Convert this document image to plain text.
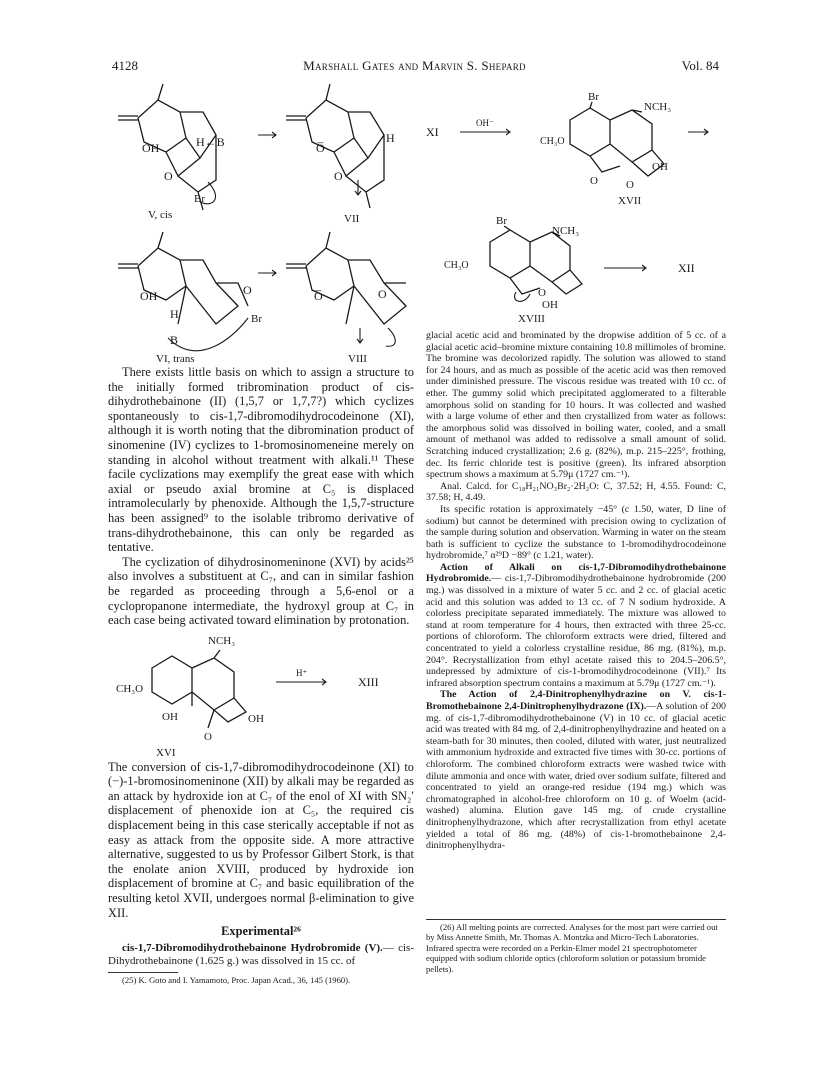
4128	Marshall Gates and Marvin S. Shepard	Vol. 84
OH	H←B
O
Br
V, cis
O̅
H
O
VII
OH
H
B
O
Br
VI, trans
O̅	O
VIII
XI
OH⁻
Br
NCH₃
CH₃O
O	O
OH
XVII
Br
NCH₃
CH₃O
O
OH
XVIII
XII

There exists little basis on which to assign a structure to the initially formed tribromination product of cis-dihydrothebainone (II) (1,5,7 or 1,7,7?) which cyclizes spontaneously to cis-1,7-dibromodihydrocodeinone (XI), although it is worth noting that the dibromination product of sinomenine (IV) cyclizes to 1-bromosinomeneine merely on standing in alcohol without treatment with alkali.¹¹ These facile cyclizations may exemplify the great ease with which axial or pseudo axial bromine at C₅ is displaced intramolecularly by phenoxide. Although the 1,5,7-structure has been assigned⁹ to the isolable tribromo derivative of trans-dihydrothebainone, this can only be regarded as tentative.

The cyclization of dihydrosinomeninone (XVI) by acids²⁵ also involves a substituent at C₇, and can in similar fashion be regarded as proceeding through a 5,6-enol or a cyclopropanone intermediate, the hydroxyl group at C₇ in each case being activated toward elimination by protonation.

NCH₃
CH₃O
OH	OH
O
XVI
H⁺
XIII

The conversion of cis-1,7-dibromodihydrocodeinone (XI) to (−)-1-bromosinomeninone (XII) by alkali may be regarded as an attack by hydroxide ion at C₇ of the enol of XI with SN₂′ displacement of phenoxide ion at C₅, the required cis displacement being in this case sterically acceptable if not as easy as attack from the opposite side. A more attractive alternative, suggested to us by Professor Gilbert Stork, is that the enolate anion XVIII, produced by hydroxide ion displacement of bromine at C₇ and basic equilibration of the resulting ketol XVII, undergoes normal β-elimination to give XII.

Experimental²⁶

cis-1,7-Dibromodihydrothebainone Hydrobromide (V).— cis-Dihydrothebainone (1.625 g.) was dissolved in 15 cc. of

(25) K. Goto and I. Yamamoto, Proc. Japan Acad., 36, 145 (1960).

glacial acetic acid and brominated by the dropwise addition of 5 cc. of a glacial acetic acid–bromine mixture containing 10.8 millimoles of bromine. The bromine was decolorized rapidly. The solution was allowed to stand for 24 hours, and as much as possible of the acetic acid was then removed under diminished pressure. The viscous residue was treated with 10 cc. of ether. The gummy solid which precipitated agglomerated to a filterable amorphous solid on standing for 10 hours. It was collected and washed with a large volume of ether and then crystallized from water as follows: the amorphous solid was dissolved in boiling water, cooled, and a small amount of methanol was added to redissolve a small amount of solid. Scratching induced crystallization; 2.6 g. (82%), m.p. 215–225°, frothing, dec. Its ferric chloride test is positive (green). Its infrared absorption spectrum shows a maximum at 5.79μ (1727 cm.⁻¹).

Anal. Calcd. for C₁₈H₂₁NO₃Br₂·2H₂O: C, 37.52; H, 4.55. Found: C, 37.58; H, 4.49.

Its specific rotation is approximately −45° (c 1.50, water, D line of sodium) but cannot be determined with precision owing to cyclization of the sample during solution and observation. Warming in water on the steam bath is sufficient to cyclize the substance to 1-bromodihydrocodeinone hydrobromide,⁷ α²⁹D −89° (c 1.21, water).

Action of Alkali on cis-1,7-Dibromodihydrothebainone Hydrobromide.— cis-1,7-Dibromodihydrothebainone hydrobromide (200 mg.) was dissolved in a mixture of water 5 cc. and 2 cc. of glacial acetic acid and this solution was added to 13 cc. of 7 N sodium hydroxide. A colorless precipitate separated immediately. The mixture was allowed to stand at room temperature for 4 hours, then extracted with three 25-cc. portions of chloroform. The chloroform extracts were dried, filtered and concentrated to yield a colorless crystalline residue, 86 mg. (81%), m.p. 204°. Recrystallization from ethyl acetate raised this to 204.5–206.5°, undepressed by admixture of cis-1-bromodihydrocodeinone (VII).⁷ Its infrared absorption spectrum contains a maximum at 5.79μ (1727 cm.⁻¹).

The Action of 2,4-Dinitrophenylhydrazine on V. cis-1-Bromothebainone 2,4-Dinitrophenylhydrazone (IX).—A solution of 200 mg. of cis-1,7-dibromodihydrothebainone (V) in 10 cc. of glacial acetic acid was treated with 84 mg. of 2,4-dinitrophenylhydrazine and heated on a steam-bath for 30 minutes, then cooled, diluted with water, just neutralized with ammonium hydroxide and extracted five times with 30-cc. portions of chloroform. The combined chloroform extracts were washed twice with dilute ammonia and once with water, dried over sodium sulfate, filtered and concentrated to yield an orange-red residue (194 mg.) which was chromatographed in alcohol-free chloroform on 10 g. of Woelm (acid-washed) alumina. Elution gave 145 mg. of crude crystalline dinitrophenylhydrazone, which after recrystallization from ethyl acetate yielded a total of 86 mg. (48%) of cis-1-bromothebainone 2,4-dinitrophenylhydra-

(26) All melting points are corrected. Analyses for the most part were carried out by Miss Annette Smith, Mr. Thomas A. Montzka and Micro-Tech Laboratories. Infrared spectra were recorded on a Perkin-Elmer model 21 spectrophotometer equipped with sodium chloride optics (chloroform solution or potassium bromide pellets).
